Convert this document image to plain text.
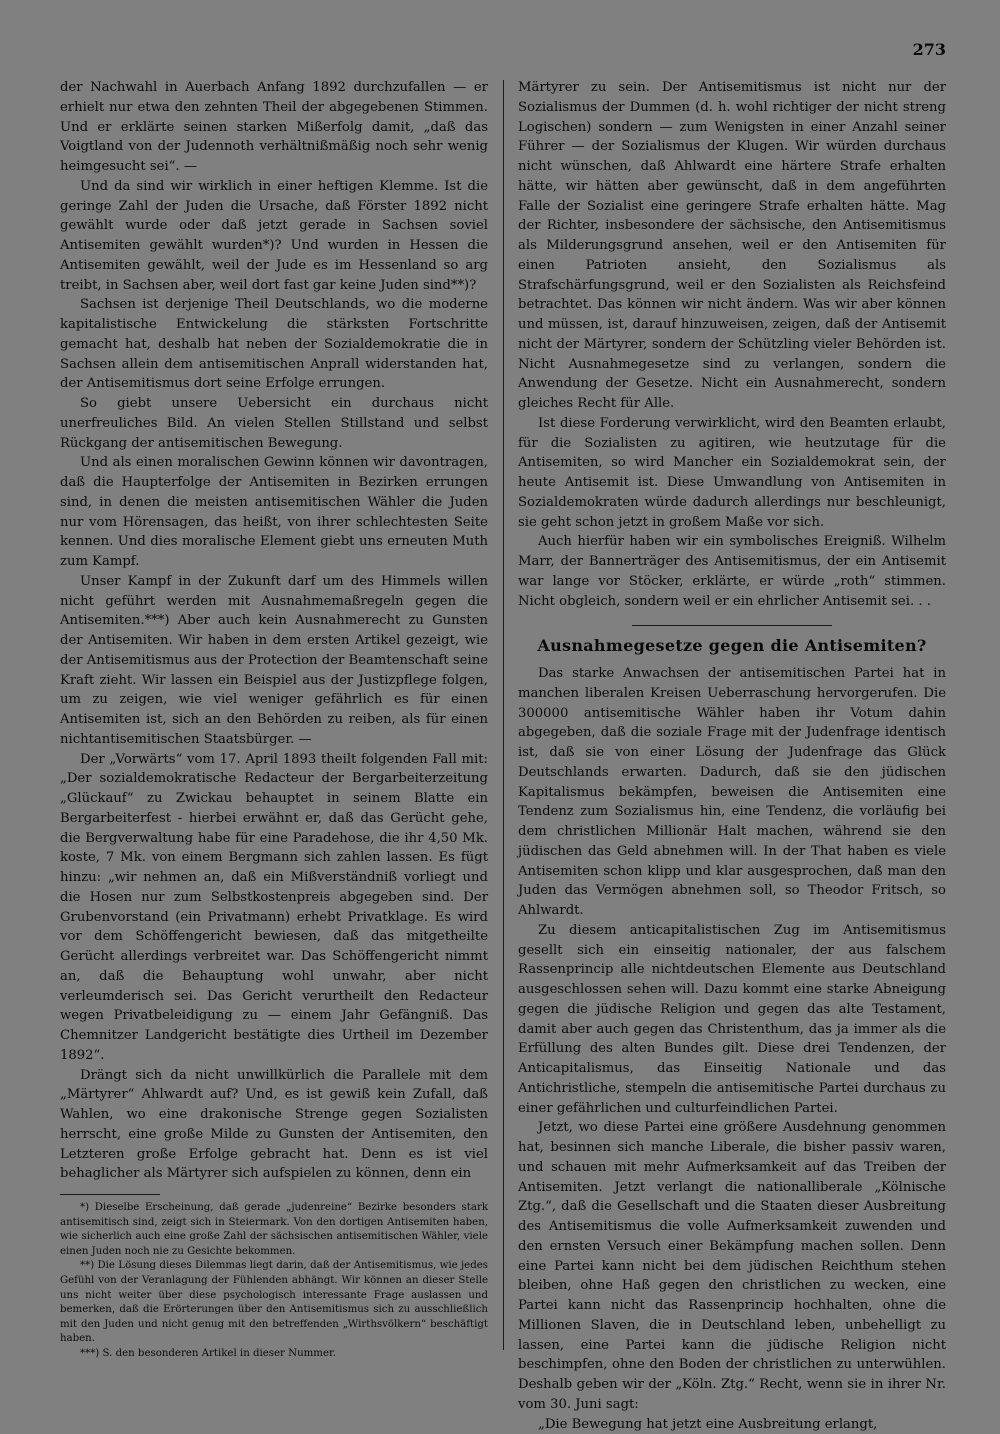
273

der Nachwahl in Auerbach Anfang 1892 durchzufallen — er erhielt nur etwa den zehnten Theil der abgegebenen Stimmen. Und er erklärte seinen starken Mißerfolg damit, „daß das Voigtland von der Judennoth verhältnißmäßig noch sehr wenig heimgesucht sei“. —

Und da sind wir wirklich in einer heftigen Klemme. Ist die geringe Zahl der Juden die Ursache, daß Förster 1892 nicht gewählt wurde oder daß jetzt gerade in Sachsen soviel Antisemiten gewählt wurden*)? Und wurden in Hessen die Antisemiten gewählt, weil der Jude es im Hessenland so arg treibt, in Sachsen aber, weil dort fast gar keine Juden sind**)?

Sachsen ist derjenige Theil Deutschlands, wo die moderne kapitalistische Entwickelung die stärksten Fortschritte gemacht hat, deshalb hat neben der Sozialdemokratie die in Sachsen allein dem antisemitischen Anprall widerstanden hat, der Antisemitismus dort seine Erfolge errungen.

So giebt unsere Uebersicht ein durchaus nicht unerfreuliches Bild. An vielen Stellen Stillstand und selbst Rückgang der antisemitischen Bewegung.

Und als einen moralischen Gewinn können wir davontragen, daß die Haupterfolge der Antisemiten in Bezirken errungen sind, in denen die meisten antisemitischen Wähler die Juden nur vom Hörensagen, das heißt, von ihrer schlechtesten Seite kennen. Und dies moralische Element giebt uns erneuten Muth zum Kampf.

Unser Kampf in der Zukunft darf um des Himmels willen nicht geführt werden mit Ausnahmemaßregeln gegen die Antisemiten.***) Aber auch kein Ausnahmerecht zu Gunsten der Antisemiten. Wir haben in dem ersten Artikel gezeigt, wie der Antisemitismus aus der Protection der Beamtenschaft seine Kraft zieht. Wir lassen ein Beispiel aus der Justizpflege folgen, um zu zeigen, wie viel weniger gefährlich es für einen Antisemiten ist, sich an den Behörden zu reiben, als für einen nichtantisemitischen Staatsbürger. —

Der „Vorwärts“ vom 17. April 1893 theilt folgenden Fall mit: „Der sozialdemokratische Redacteur der Bergarbeiterzeitung „Glückauf“ zu Zwickau behauptet in seinem Blatte ein Bergarbeiterfest - hierbei erwähnt er, daß das Gerücht gehe, die Bergverwaltung habe für eine Paradehose, die ihr 4,50 Mk. koste, 7 Mk. von einem Bergmann sich zahlen lassen. Es fügt hinzu: „wir nehmen an, daß ein Mißverständniß vorliegt und die Hosen nur zum Selbstkostenpreis abgegeben sind. Der Grubenvorstand (ein Privatmann) erhebt Privatklage. Es wird vor dem Schöffengericht bewiesen, daß das mitgetheilte Gerücht allerdings verbreitet war. Das Schöffengericht nimmt an, daß die Behauptung wohl unwahr, aber nicht verleumderisch sei. Das Gericht verurtheilt den Redacteur wegen Privatbeleidigung zu — einem Jahr Gefängniß. Das Chemnitzer Landgericht bestätigte dies Urtheil im Dezember 1892“.

Drängt sich da nicht unwillkürlich die Parallele mit dem „Märtyrer“ Ahlwardt auf? Und, es ist gewiß kein Zufall, daß Wahlen, wo eine drakonische Strenge gegen Sozialisten herrscht, eine große Milde zu Gunsten der Antisemiten, den Letzteren große Erfolge gebracht hat. Denn es ist viel behaglicher als Märtyrer sich aufspielen zu können, denn ein

*) Dieselbe Erscheinung, daß gerade „judenreine“ Bezirke besonders stark antisemitisch sind, zeigt sich in Steiermark. Von den dortigen Antisemiten haben, wie sicherlich auch eine große Zahl der sächsischen antisemitischen Wähler, viele einen Juden noch nie zu Gesichte bekommen.

**) Die Lösung dieses Dilemmas liegt darin, daß der Antisemitismus, wie jedes Gefühl von der Veranlagung der Fühlenden abhängt. Wir können an dieser Stelle uns nicht weiter über diese psychologisch interessante Frage auslassen und bemerken, daß die Erörterungen über den Antisemitismus sich zu ausschließlich mit den Juden und nicht genug mit den betreffenden „Wirthsvölkern“ beschäftigt haben.

***) S. den besonderen Artikel in dieser Nummer.

Märtyrer zu sein. Der Antisemitismus ist nicht nur der Sozialismus der Dummen (d. h. wohl richtiger der nicht streng Logischen) sondern — zum Wenigsten in einer Anzahl seiner Führer — der Sozialismus der Klugen. Wir würden durchaus nicht wünschen, daß Ahlwardt eine härtere Strafe erhalten hätte, wir hätten aber gewünscht, daß in dem angeführten Falle der Sozialist eine geringere Strafe erhalten hätte. Mag der Richter, insbesondere der sächsische, den Antisemitismus als Milderungsgrund ansehen, weil er den Antisemiten für einen Patrioten ansieht, den Sozialismus als Strafschärfungsgrund, weil er den Sozialisten als Reichsfeind betrachtet. Das können wir nicht ändern. Was wir aber können und müssen, ist, darauf hinzuweisen, zeigen, daß der Antisemit nicht der Märtyrer, sondern der Schützling vieler Behörden ist. Nicht Ausnahmegesetze sind zu verlangen, sondern die Anwendung der Gesetze. Nicht ein Ausnahmerecht, sondern gleiches Recht für Alle.

Ist diese Forderung verwirklicht, wird den Beamten erlaubt, für die Sozialisten zu agitiren, wie heutzutage für die Antisemiten, so wird Mancher ein Sozialdemokrat sein, der heute Antisemit ist. Diese Umwandlung von Antisemiten in Sozialdemokraten würde dadurch allerdings nur beschleunigt, sie geht schon jetzt in großem Maße vor sich.

Auch hierfür haben wir ein symbolisches Ereigniß. Wilhelm Marr, der Bannerträger des Antisemitismus, der ein Antisemit war lange vor Stöcker, erklärte, er würde „roth“ stimmen. Nicht obgleich, sondern weil er ein ehrlicher Antisemit sei. . .

Ausnahmegesetze gegen die Antisemiten?

Das starke Anwachsen der antisemitischen Partei hat in manchen liberalen Kreisen Ueberraschung hervorgerufen. Die 300000 antisemitische Wähler haben ihr Votum dahin abgegeben, daß die soziale Frage mit der Judenfrage identisch ist, daß sie von einer Lösung der Judenfrage das Glück Deutschlands erwarten. Dadurch, daß sie den jüdischen Kapitalismus bekämpfen, beweisen die Antisemiten eine Tendenz zum Sozialismus hin, eine Tendenz, die vorläufig bei dem christlichen Millionär Halt machen, während sie den jüdischen das Geld abnehmen will. In der That haben es viele Antisemiten schon klipp und klar ausgesprochen, daß man den Juden das Vermögen abnehmen soll, so Theodor Fritsch, so Ahlwardt.

Zu diesem anticapitalistischen Zug im Antisemitismus gesellt sich ein einseitig nationaler, der aus falschem Rassenprincip alle nichtdeutschen Elemente aus Deutschland ausgeschlossen sehen will. Dazu kommt eine starke Abneigung gegen die jüdische Religion und gegen das alte Testament, damit aber auch gegen das Christenthum, das ja immer als die Erfüllung des alten Bundes gilt. Diese drei Tendenzen, der Anticapitalismus, das Einseitig Nationale und das Antichristliche, stempeln die antisemitische Partei durchaus zu einer gefährlichen und culturfeindlichen Partei.

Jetzt, wo diese Partei eine größere Ausdehnung genommen hat, besinnen sich manche Liberale, die bisher passiv waren, und schauen mit mehr Aufmerksamkeit auf das Treiben der Antisemiten. Jetzt verlangt die nationalliberale „Kölnische Ztg.“, daß die Gesellschaft und die Staaten dieser Ausbreitung des Antisemitismus die volle Aufmerksamkeit zuwenden und den ernsten Versuch einer Bekämpfung machen sollen. Denn eine Partei kann nicht bei dem jüdischen Reichthum stehen bleiben, ohne Haß gegen den christlichen zu wecken, eine Partei kann nicht das Rassenprincip hochhalten, ohne die Millionen Slaven, die in Deutschland leben, unbehelligt zu lassen, eine Partei kann die jüdische Religion nicht beschimpfen, ohne den Boden der christlichen zu unterwühlen. Deshalb geben wir der „Köln. Ztg.“ Recht, wenn sie in ihrer Nr. vom 30. Juni sagt:

„Die Bewegung hat jetzt eine Ausbreitung erlangt,
